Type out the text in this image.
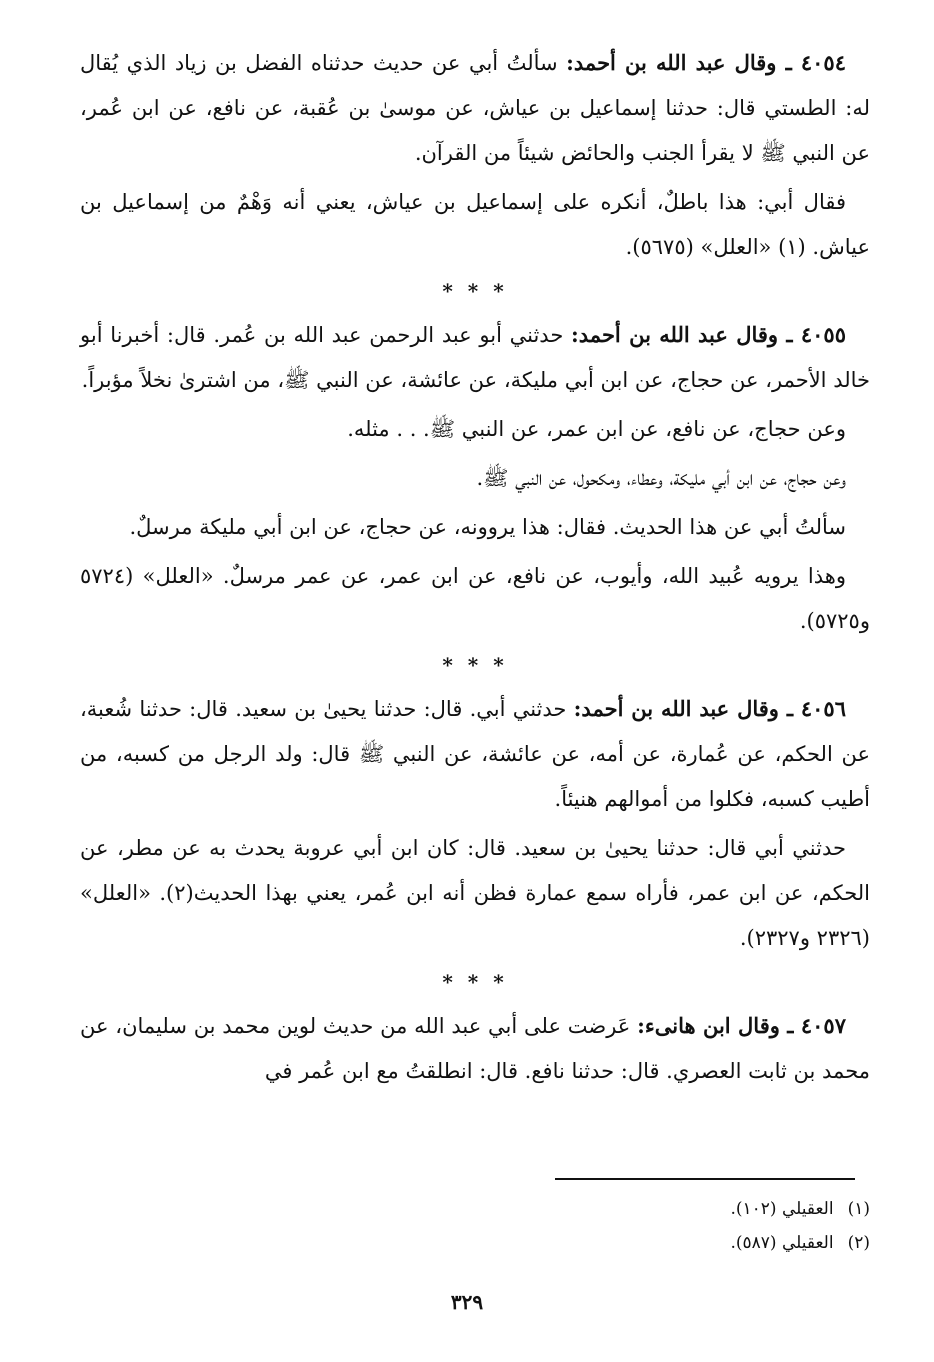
٤٠٥٤ ـ وقال عبد الله بن أحمد: سألتُ أبي عن حديث حدثناه الفضل بن زياد الذي يُقال له: الطستي قال: حدثنا إسماعيل بن عياش، عن موسىٰ بن عُقبة، عن نافع، عن ابن عُمر، عن النبي ﷺ لا يقرأ الجنب والحائض شيئاً من القرآن.

فقال أبي: هذا باطلٌ، أنكره على إسماعيل بن عياش، يعني أنه وَهْمٌ من إسماعيل بن عياش. (١) «العلل» (٥٦٧٥).

* * *

٤٠٥٥ ـ وقال عبد الله بن أحمد: حدثني أبو عبد الرحمن عبد الله بن عُمر. قال: أخبرنا أبو خالد الأحمر، عن حجاج، عن ابن أبي مليكة، عن عائشة، عن النبي ﷺ، من اشترىٰ نخلاً مؤبراً.

وعن حجاج، عن نافع، عن ابن عمر، عن النبي ﷺ. . . مثله.

وعن حجاج، عن ابن أبي مليكة، وعطاء، ومكحول، عن النبي ﷺ.

سألتُ أبي عن هذا الحديث. فقال: هذا يروونه، عن حجاج، عن ابن أبي مليكة مرسلٌ.

وهذا يرويه عُبيد الله، وأيوب، عن نافع، عن ابن عمر، عن عمر مرسلٌ. «العلل» (٥٧٢٤ و٥٧٢٥).

* * *

٤٠٥٦ ـ وقال عبد الله بن أحمد: حدثني أبي. قال: حدثنا يحيىٰ بن سعيد. قال: حدثنا شُعبة، عن الحكم، عن عُمارة، عن أمه، عن عائشة، عن النبي ﷺ قال: ولد الرجل من كسبه، من أطيب كسبه، فكلوا من أموالهم هنيئاً.

حدثني أبي قال: حدثنا يحيىٰ بن سعيد. قال: كان ابن أبي عروبة يحدث به عن مطر، عن الحكم، عن ابن عمر، فأراه سمع عمارة فظن أنه ابن عُمر، يعني بهذا الحديث(٢). «العلل» (٢٣٢٦ و٢٣٢٧).

* * *

٤٠٥٧ ـ وقال ابن هانىء: عَرضت على أبي عبد الله من حديث لوين محمد بن سليمان، عن محمد بن ثابت العصري. قال: حدثنا نافع. قال: انطلقتُ مع ابن عُمر في

(١)العقيلي (١٠٢).
(٢)العقيلي (٥٨٧).
٣٢٩
